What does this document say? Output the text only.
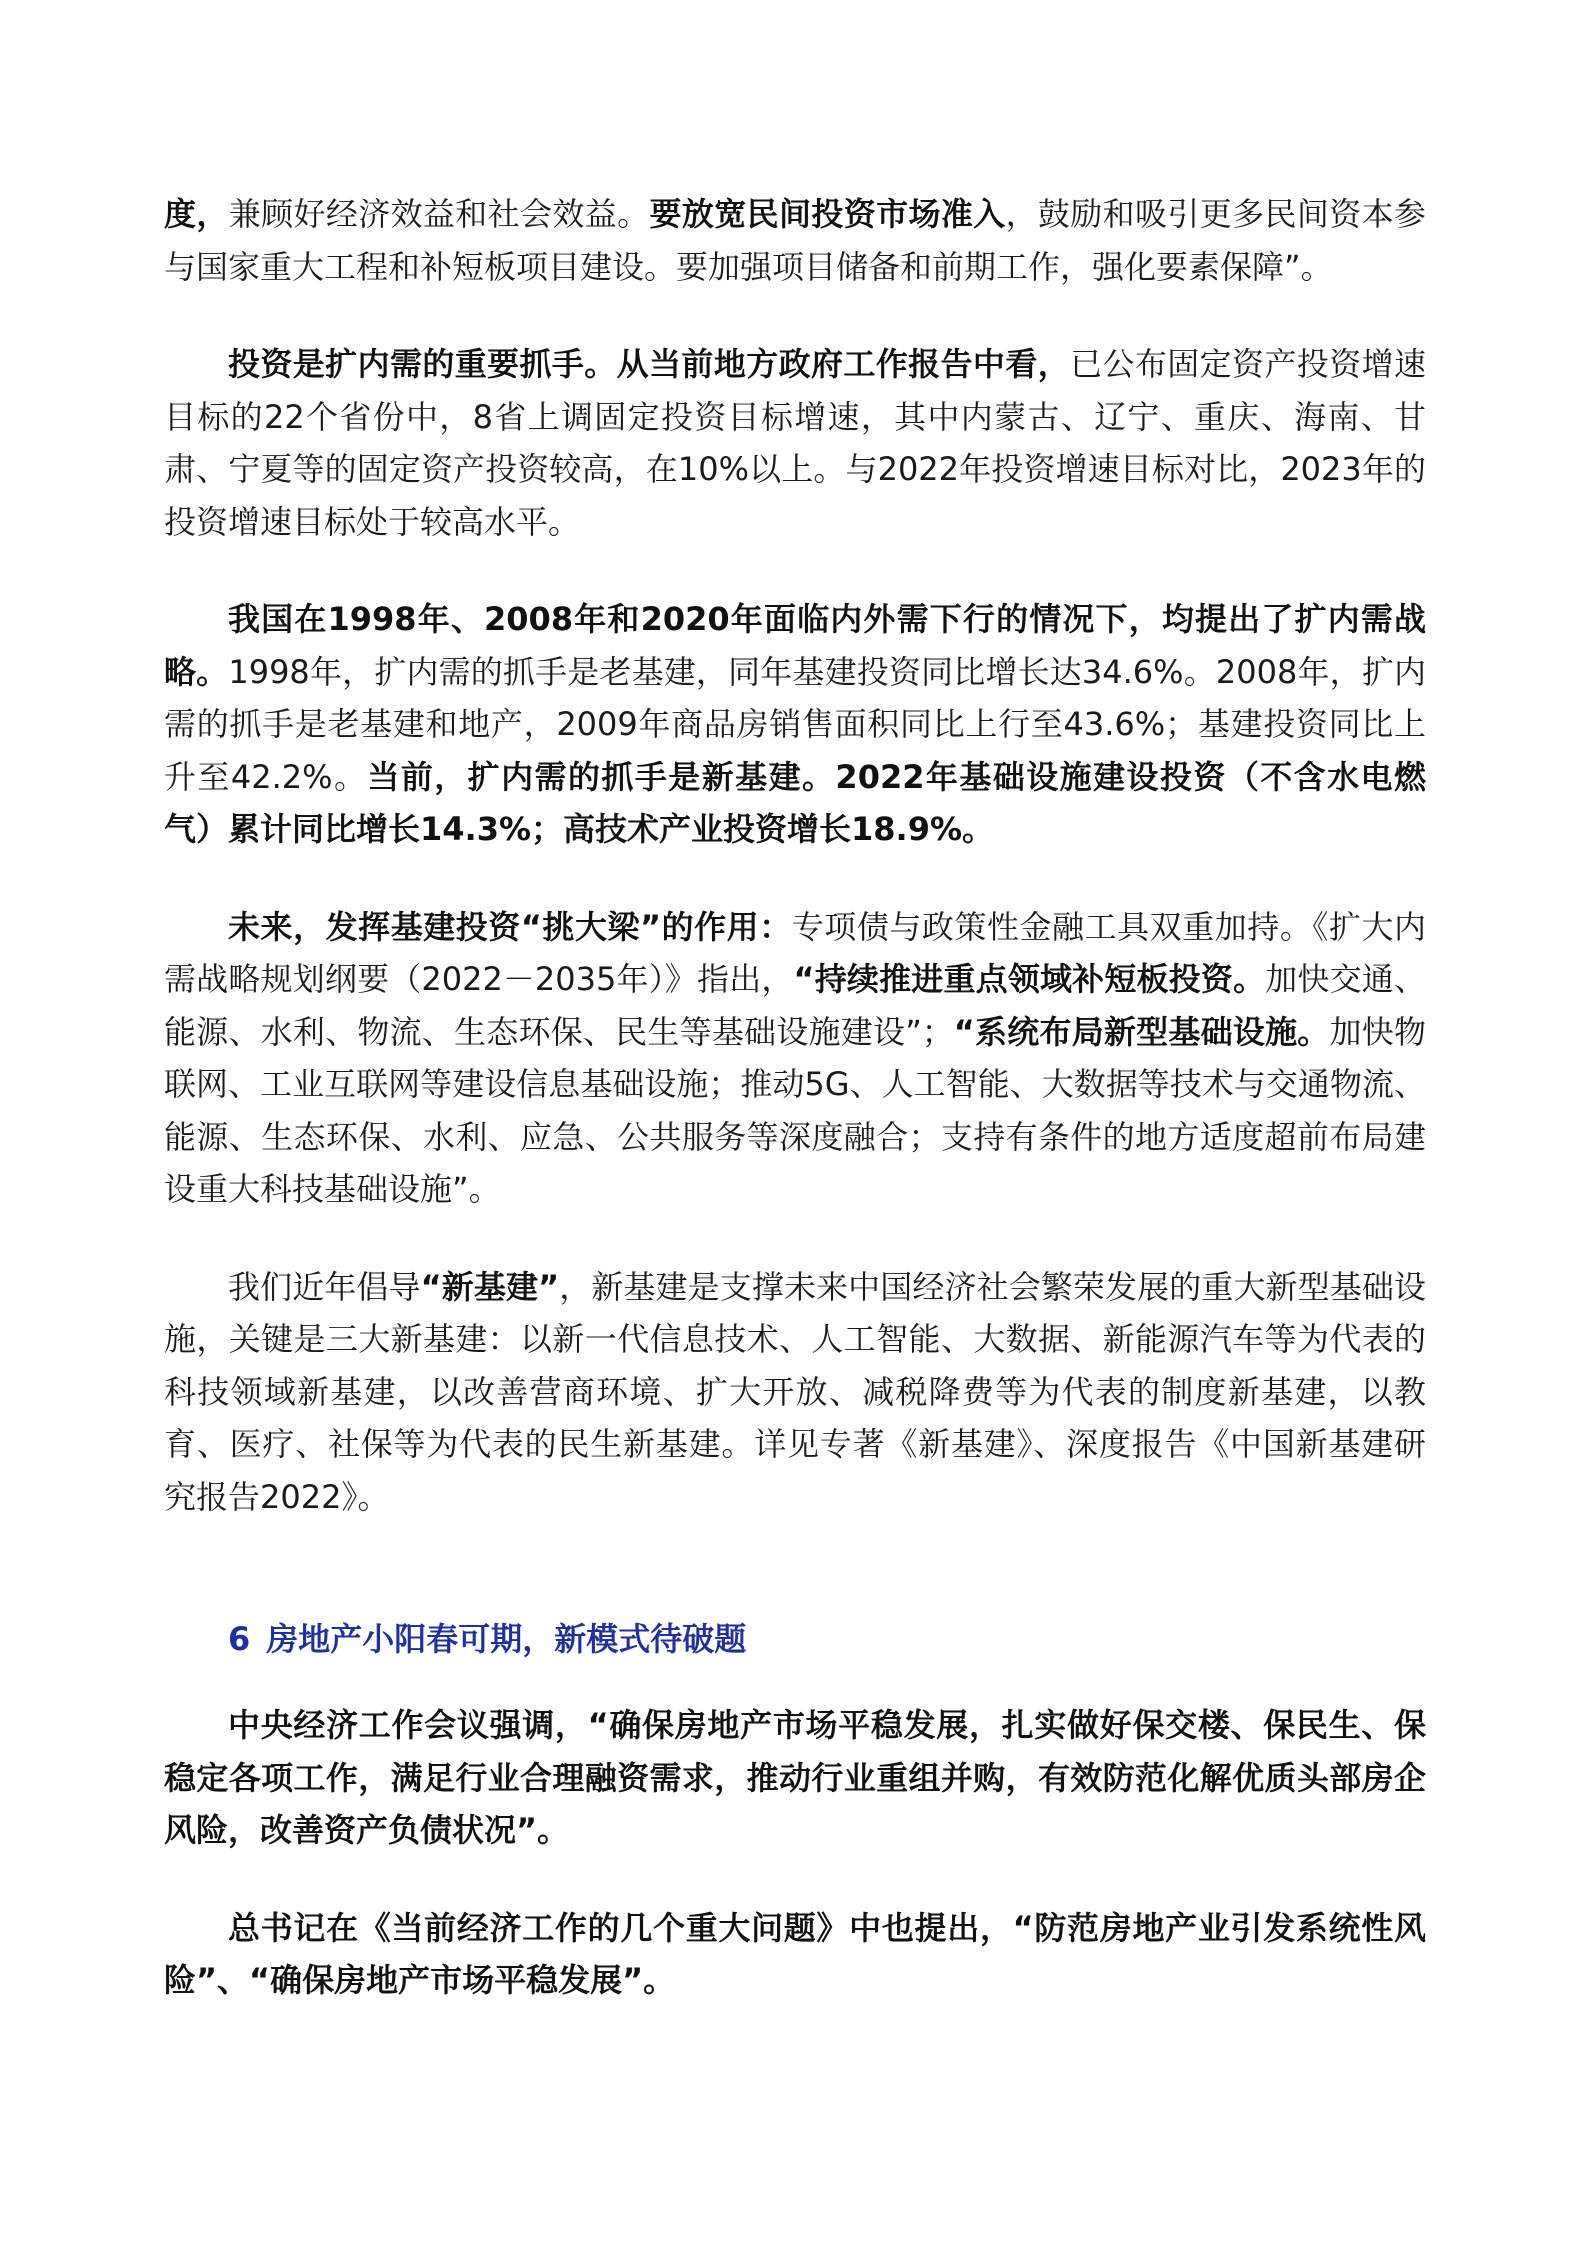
度，兼顾好经济效益和社会效益。要放宽民间投资市场准入，鼓励和吸引更多民间资本参与国家重大工程和补短板项目建设。要加强项目储备和前期工作，强化要素保障”。

投资是扩内需的重要抓手。从当前地方政府工作报告中看，已公布固定资产投资增速目标的22个省份中，8省上调固定投资目标增速，其中内蒙古、辽宁、重庆、海南、甘肃、宁夏等的固定资产投资较高，在10%以上。与2022年投资增速目标对比，2023年的投资增速目标处于较高水平。

我国在1998年、2008年和2020年面临内外需下行的情况下，均提出了扩内需战略。1998年，扩内需的抓手是老基建，同年基建投资同比增长达34.6%。2008年，扩内需的抓手是老基建和地产，2009年商品房销售面积同比上行至43.6%；基建投资同比上升至42.2%。当前，扩内需的抓手是新基建。2022年基础设施建设投资（不含水电燃气）累计同比增长14.3%；高技术产业投资增长18.9%。

未来，发挥基建投资“挑大梁”的作用：专项债与政策性金融工具双重加持。《扩大内需战略规划纲要（2022－2035年）》指出，“持续推进重点领域补短板投资。加快交通、能源、水利、物流、生态环保、民生等基础设施建设”；“系统布局新型基础设施。加快物联网、工业互联网等建设信息基础设施；推动5G、人工智能、大数据等技术与交通物流、能源、生态环保、水利、应急、公共服务等深度融合；支持有条件的地方适度超前布局建设重大科技基础设施”。

我们近年倡导“新基建”，新基建是支撑未来中国经济社会繁荣发展的重大新型基础设施，关键是三大新基建：以新一代信息技术、人工智能、大数据、新能源汽车等为代表的科技领域新基建，以改善营商环境、扩大开放、减税降费等为代表的制度新基建，以教育、医疗、社保等为代表的民生新基建。详见专著《新基建》、深度报告《中国新基建研究报告2022》。

6 房地产小阳春可期，新模式待破题

中央经济工作会议强调，“确保房地产市场平稳发展，扎实做好保交楼、保民生、保稳定各项工作，满足行业合理融资需求，推动行业重组并购，有效防范化解优质头部房企风险，改善资产负债状况”。

总书记在《当前经济工作的几个重大问题》中也提出，“防范房地产业引发系统性风险”、“确保房地产市场平稳发展”。
